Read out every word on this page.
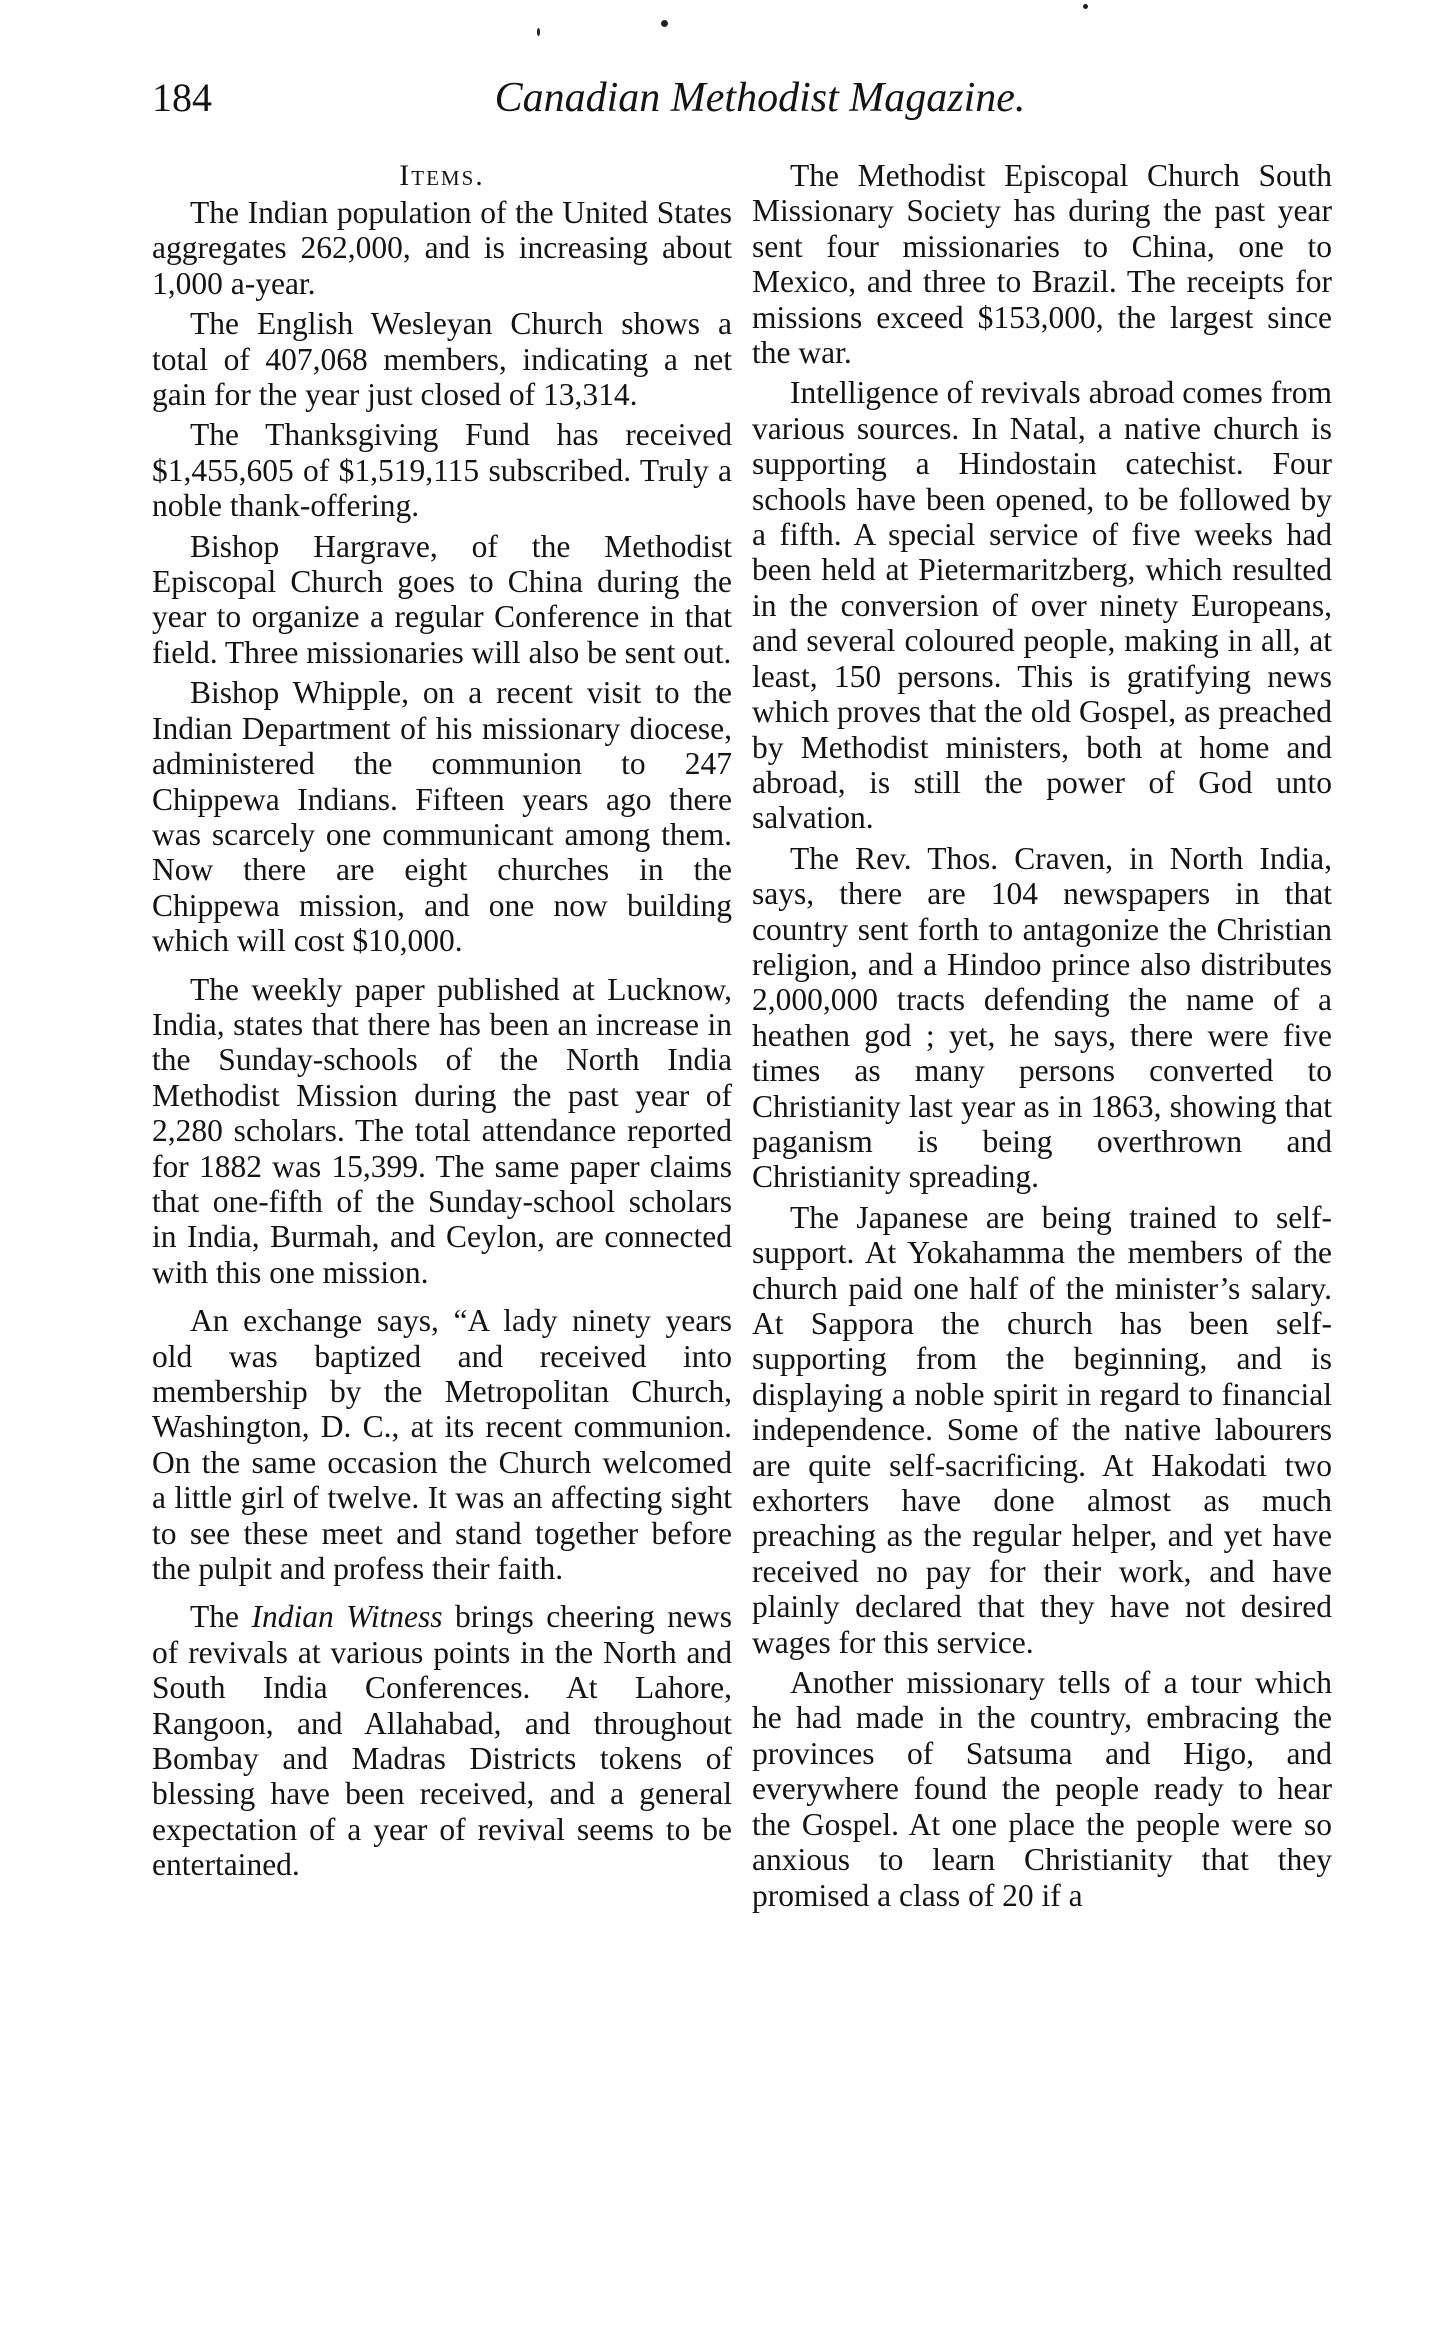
184	Canadian Methodist Magazine.
Items.

The Indian population of the United States aggregates 262,000, and is increasing about 1,000 a-year.

The English Wesleyan Church shows a total of 407,068 members, indicating a net gain for the year just closed of 13,314.

The Thanksgiving Fund has received $1,455,605 of $1,519,115 subscribed. Truly a noble thank-offering.

Bishop Hargrave, of the Methodist Episcopal Church goes to China during the year to organize a regular Conference in that field. Three missionaries will also be sent out.

Bishop Whipple, on a recent visit to the Indian Department of his missionary diocese, administered the communion to 247 Chippewa Indians. Fifteen years ago there was scarcely one communicant among them. Now there are eight churches in the Chippewa mission, and one now building which will cost $10,000.

The weekly paper published at Lucknow, India, states that there has been an increase in the Sunday-schools of the North India Methodist Mission during the past year of 2,280 scholars. The total attendance reported for 1882 was 15,399. The same paper claims that one-fifth of the Sunday-school scholars in India, Burmah, and Ceylon, are connected with this one mission.

An exchange says, “A lady ninety years old was baptized and received into membership by the Metropolitan Church, Washington, D. C., at its recent communion. On the same occasion the Church welcomed a little girl of twelve. It was an affecting sight to see these meet and stand together before the pulpit and profess their faith.

The Indian Witness brings cheering news of revivals at various points in the North and South India Conferences. At Lahore, Rangoon, and Allahabad, and throughout Bombay and Madras Districts tokens of blessing have been received, and a general expectation of a year of revival seems to be entertained.

The Methodist Episcopal Church South Missionary Society has during the past year sent four missionaries to China, one to Mexico, and three to Brazil. The receipts for missions exceed $153,000, the largest since the war.

Intelligence of revivals abroad comes from various sources. In Natal, a native church is supporting a Hindostain catechist. Four schools have been opened, to be followed by a fifth. A special service of five weeks had been held at Pietermaritzberg, which resulted in the conversion of over ninety Europeans, and several coloured people, making in all, at least, 150 persons. This is gratifying news which proves that the old Gospel, as preached by Methodist ministers, both at home and abroad, is still the power of God unto salvation.

The Rev. Thos. Craven, in North India, says, there are 104 newspapers in that country sent forth to antagonize the Christian religion, and a Hindoo prince also distributes 2,000,000 tracts defending the name of a heathen god ; yet, he says, there were five times as many persons converted to Christianity last year as in 1863, showing that paganism is being overthrown and Christianity spreading.

The Japanese are being trained to self-support. At Yokahamma the members of the church paid one half of the minister’s salary. At Sappora the church has been self-supporting from the beginning, and is displaying a noble spirit in regard to financial independence. Some of the native labourers are quite self-sacrificing. At Hakodati two exhorters have done almost as much preaching as the regular helper, and yet have received no pay for their work, and have plainly declared that they have not desired wages for this service.

Another missionary tells of a tour which he had made in the country, embracing the provinces of Satsuma and Higo, and everywhere found the people ready to hear the Gospel. At one place the people were so anxious to learn Christianity that they promised a class of 20 if a
